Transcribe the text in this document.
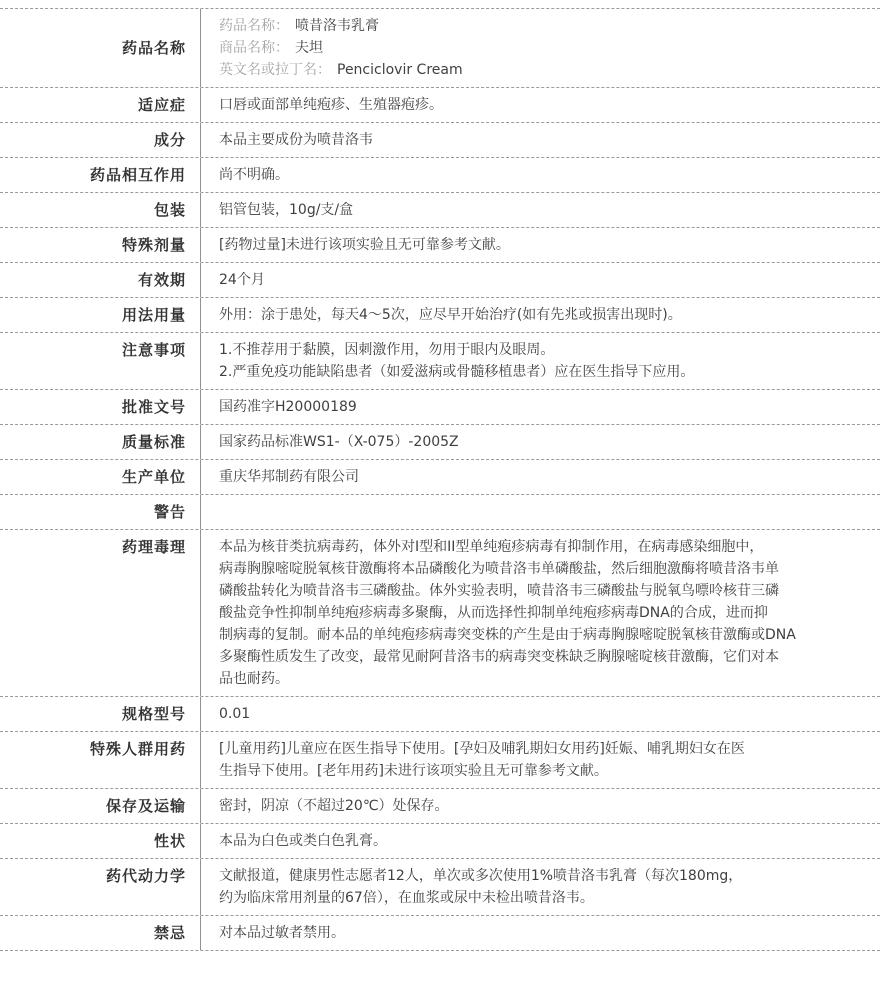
药品名称
药品名称： 喷昔洛韦乳膏
商品名称： 夫坦
英文名或拉丁名： Penciclovir Cream
适应症 口唇或面部单纯疱疹、生殖器疱疹。
成分 本品主要成份为喷昔洛韦
药品相互作用 尚不明确。
包装 铝管包装，10g/支/盒
特殊剂量 [药物过量]未进行该项实验且无可靠参考文献。
有效期 24个月
用法用量 外用：涂于患处，每天4～5次，应尽早开始治疗(如有先兆或损害出现时)。
注意事项 1.不推荐用于黏膜，因刺激作用，勿用于眼内及眼周。
2.严重免疫功能缺陷患者（如爱滋病或骨髓移植患者）应在医生指导下应用。
批准文号 国药准字H20000189
质量标准 国家药品标准WS1-（X-075）-2005Z
生产单位 重庆华邦制药有限公司
警告
药理毒理 本品为核苷类抗病毒药，体外对I型和II型单纯疱疹病毒有抑制作用，在病毒感染细胞中，
病毒胸腺嘧啶脱氧核苷激酶将本品磷酸化为喷昔洛韦单磷酸盐，然后细胞激酶将喷昔洛韦单
磷酸盐转化为喷昔洛韦三磷酸盐。体外实验表明，喷昔洛韦三磷酸盐与脱氧鸟嘌呤核苷三磷
酸盐竞争性抑制单纯疱疹病毒多聚酶，从而选择性抑制单纯疱疹病毒DNA的合成，进而抑
制病毒的复制。耐本品的单纯疱疹病毒突变株的产生是由于病毒胸腺嘧啶脱氧核苷激酶或DNA
多聚酶性质发生了改变，最常见耐阿昔洛韦的病毒突变株缺乏胸腺嘧啶核苷激酶，它们对本
品也耐药。
规格型号 0.01
特殊人群用药 [儿童用药]儿童应在医生指导下使用。[孕妇及哺乳期妇女用药]妊娠、哺乳期妇女在医
生指导下使用。[老年用药]未进行该项实验且无可靠参考文献。
保存及运输 密封，阴凉（不超过20℃）处保存。
性状 本品为白色或类白色乳膏。
药代动力学 文献报道，健康男性志愿者12人，单次或多次使用1%喷昔洛韦乳膏（每次180mg，
约为临床常用剂量的67倍），在血浆或尿中未检出喷昔洛韦。
禁忌 对本品过敏者禁用。
